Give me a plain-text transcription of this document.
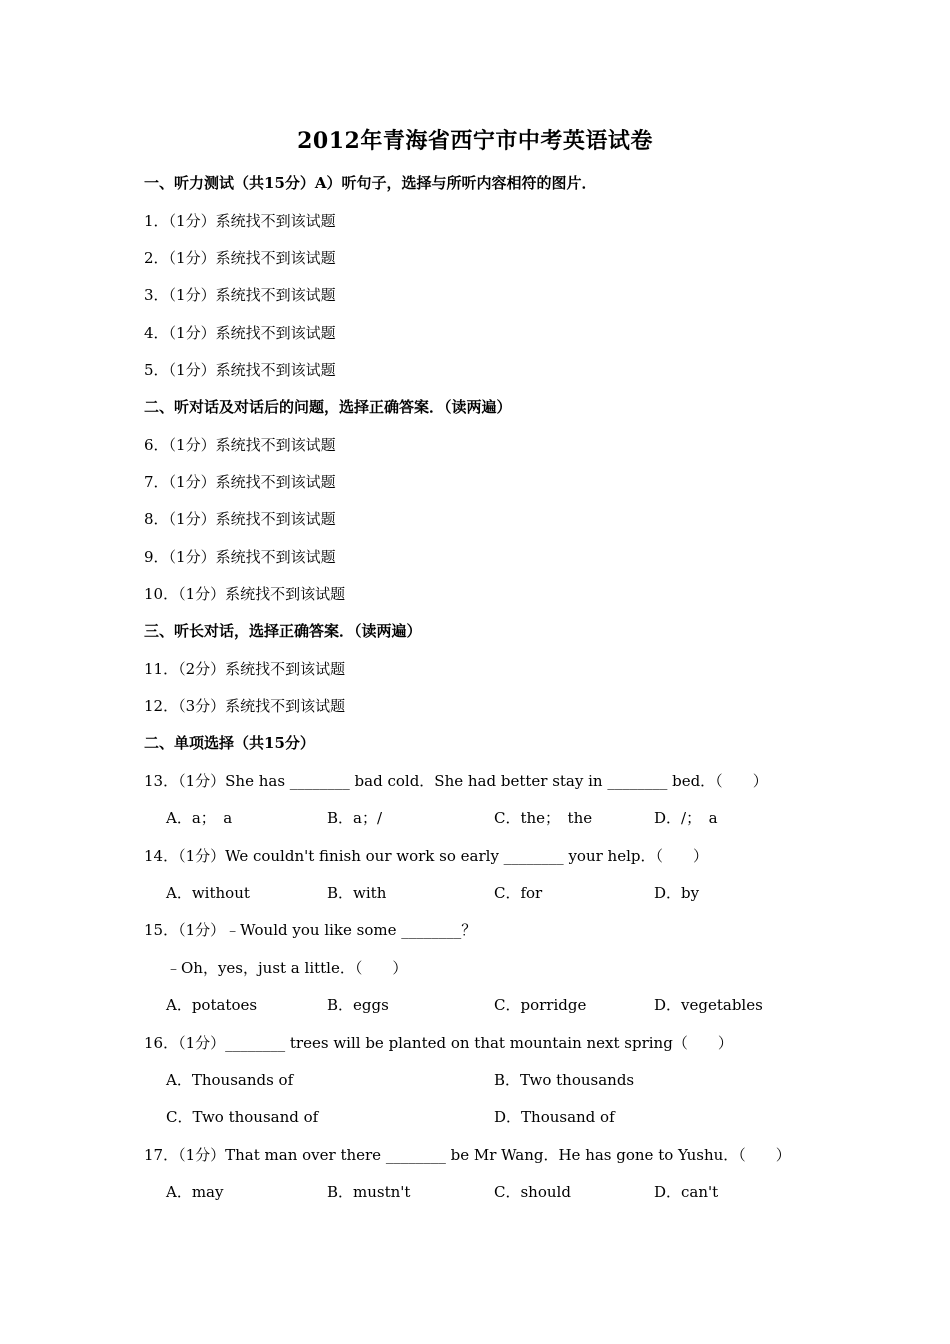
2012年青海省西宁市中考英语试卷
一、听力测试（共15分）A）听句子，选择与所听内容相符的图片．
1．（1分）系统找不到该试题
2．（1分）系统找不到该试题
3．（1分）系统找不到该试题
4．（1分）系统找不到该试题
5．（1分）系统找不到该试题
二、听对话及对话后的问题，选择正确答案．（读两遍）
6．（1分）系统找不到该试题
7．（1分）系统找不到该试题
8．（1分）系统找不到该试题
9．（1分）系统找不到该试题
10．（1分）系统找不到该试题
三、听长对话，选择正确答案．（读两遍）
11．（2分）系统找不到该试题
12．（3分）系统找不到该试题
二、单项选择（共15分）
13．（1分）She has ________ bad cold．She had better stay in ________ bed．（　　）
A．a；　a	B．a；/	C．the；　the	D．/；　a
14．（1分）We couldn't finish our work so early ________ your help．（　　）
A．without	B．with	C．for	D．by
15．（1分）﹣Would you like some ________？
﹣Oh，yes，just a little．（　　）
A．potatoes	B．eggs	C．porridge	D．vegetables
16．（1分）________ trees will be planted on that mountain next spring（　　）
A．Thousands of	B．Two thousands
C．Two thousand of	D．Thousand of
17．（1分）That man over there ________ be Mr Wang．He has gone to Yushu．（　　）
A．may	B．mustn't	C．should	D．can't
